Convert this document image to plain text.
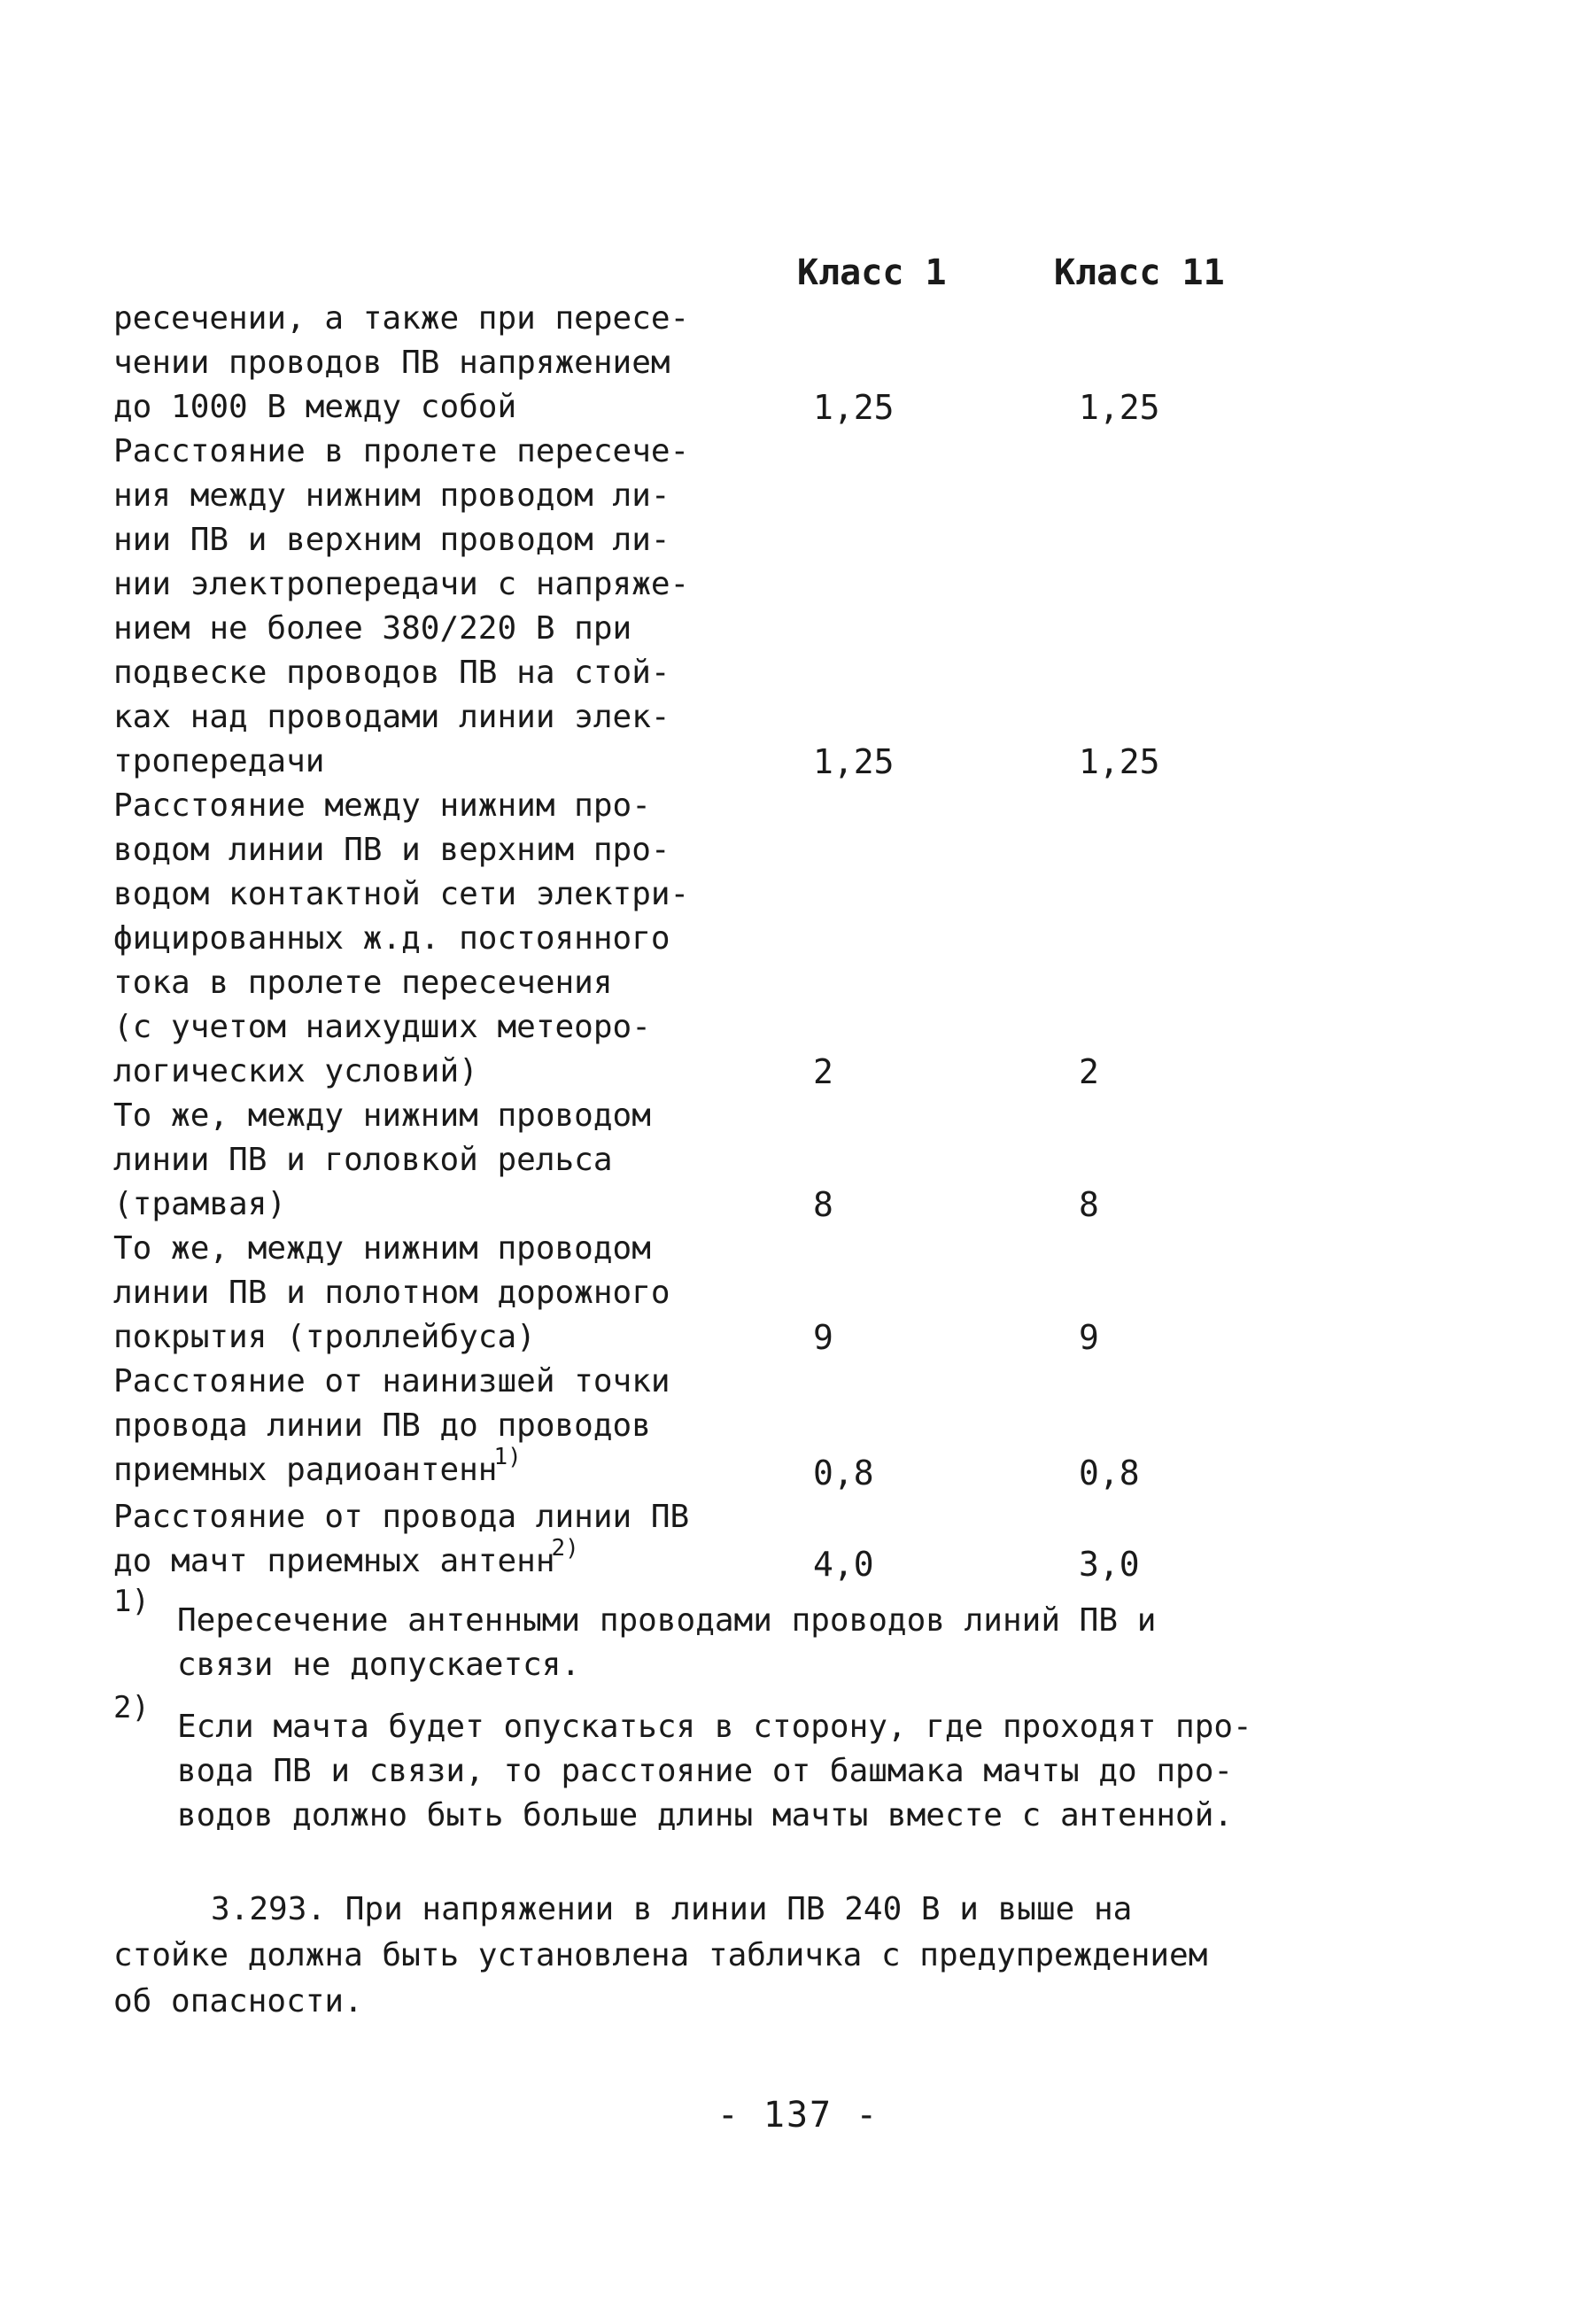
Класс 1	Класс 11
ресечении, а также при пересе-
чении проводов ПВ напряжением
до 1000 В между собой	1,25	1,25
Расстояние в пролете пересече-
ния между нижним проводом ли-
нии ПВ и верхним проводом ли-
нии электропередачи с напряже-
нием не более 380/220 В при
подвеске проводов ПВ на стой-
ках над проводами линии элек-
тропередачи	1,25	1,25
Расстояние между нижним про-
водом линии ПВ и верхним про-
водом контактной сети электри-
фицированных ж.д. постоянного
тока в пролете пересечения
(с учетом наихудших метеоро-
логических условий)	2	2
То же, между нижним проводом
линии ПВ и головкой рельса
(трамвая)	8	8
То же, между нижним проводом
линии ПВ и полотном дорожного
покрытия (троллейбуса)	9	9
Расстояние от наинизшей точки
провода линии ПВ до проводов
приемных радиоантенн$^{1)}$	0,8	0,8
Расстояние от провода линии ПВ
до мачт приемных антенн$^{2)}$	4,0	3,0
1)
Пересечение антенными проводами проводов линий ПВ и
связи не допускается.
2)
Если мачта будет опускаться в сторону, где проходят про-
вода ПВ и связи, то расстояние от башмака мачты до про-
водов должно быть больше длины мачты вместе с антенной.
3.293. При напряжении в линии ПВ 240 В и выше на
стойке должна быть установлена табличка с предупреждением
об опасности.
- 137 -
